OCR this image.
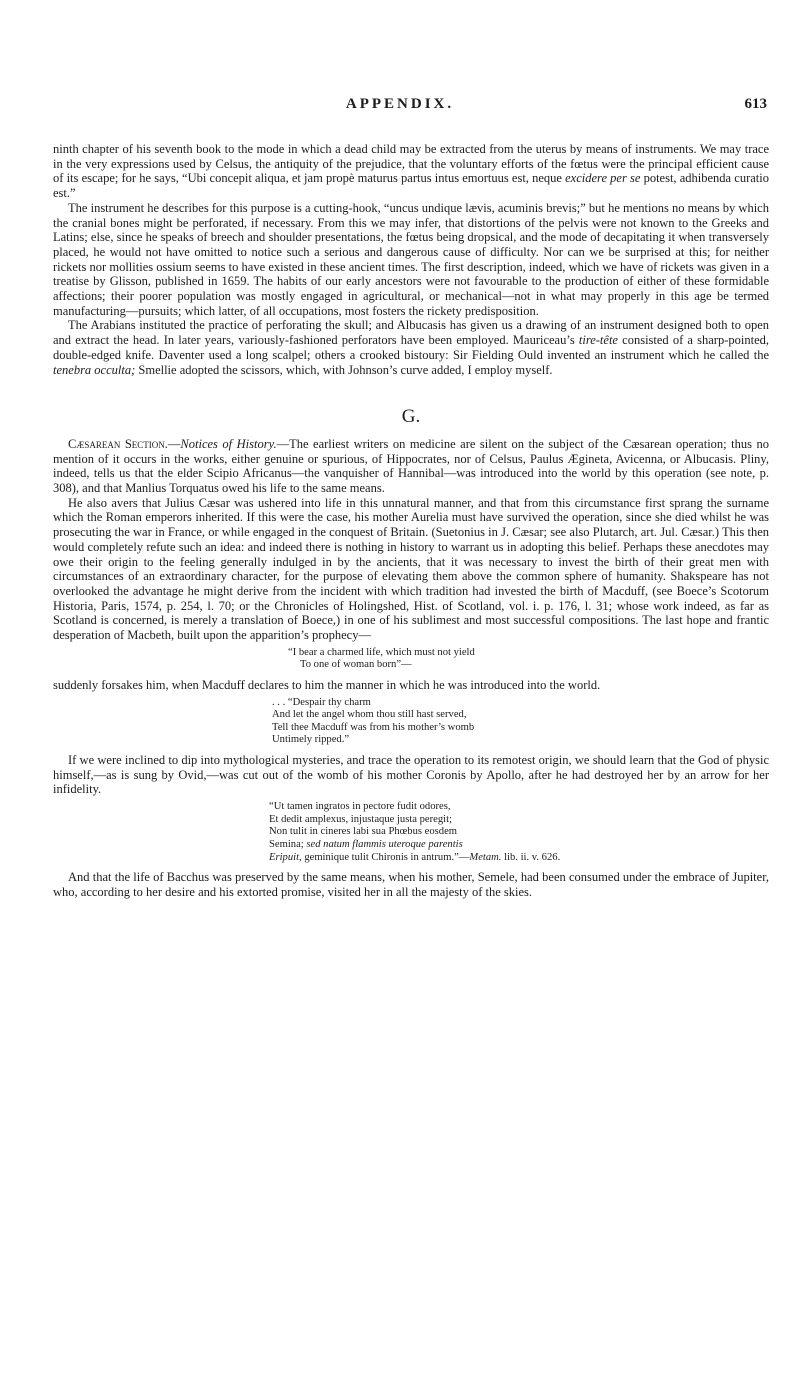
APPENDIX.	613

ninth chapter of his seventh book to the mode in which a dead child may be extracted from the uterus by means of instruments. We may trace in the very expressions used by Celsus, the antiquity of the prejudice, that the voluntary efforts of the fœtus were the principal efficient cause of its escape; for he says, “Ubi concepit aliqua, et jam propè maturus partus intus emortuus est, neque excidere per se potest, adhibenda curatio est.”

The instrument he describes for this purpose is a cutting-hook, “uncus undique lævis, acuminis brevis;” but he mentions no means by which the cranial bones might be perforated, if necessary. From this we may infer, that distortions of the pelvis were not known to the Greeks and Latins; else, since he speaks of breech and shoulder presentations, the fœtus being dropsical, and the mode of decapitating it when transversely placed, he would not have omitted to notice such a serious and dangerous cause of difficulty. Nor can we be surprised at this; for neither rickets nor mollities ossium seems to have existed in these ancient times. The first description, indeed, which we have of rickets was given in a treatise by Glisson, published in 1659. The habits of our early ancestors were not favourable to the production of either of these formidable affections; their poorer population was mostly engaged in agricultural, or mechanical—not in what may properly in this age be termed manufacturing—pursuits; which latter, of all occupations, most fosters the rickety predisposition.

The Arabians instituted the practice of perforating the skull; and Albucasis has given us a drawing of an instrument designed both to open and extract the head. In later years, variously-fashioned perforators have been employed. Mauriceau’s tire-tête consisted of a sharp-pointed, double-edged knife. Daventer used a long scalpel; others a crooked bistoury: Sir Fielding Ould invented an instrument which he called the tenebra occulta; Smellie adopted the scissors, which, with Johnson’s curve added, I employ myself.

G.

Cæsarean Section.—Notices of History.—The earliest writers on medicine are silent on the subject of the Cæsarean operation; thus no mention of it occurs in the works, either genuine or spurious, of Hippocrates, nor of Celsus, Paulus Ægineta, Avicenna, or Albucasis. Pliny, indeed, tells us that the elder Scipio Africanus—the vanquisher of Hannibal—was introduced into the world by this operation (see note, p. 308), and that Manlius Torquatus owed his life to the same means.

He also avers that Julius Cæsar was ushered into life in this unnatural manner, and that from this circumstance first sprang the surname which the Roman emperors inherited. If this were the case, his mother Aurelia must have survived the operation, since she died whilst he was prosecuting the war in France, or while engaged in the conquest of Britain. (Suetonius in J. Cæsar; see also Plutarch, art. Jul. Cæsar.) This then would completely refute such an idea: and indeed there is nothing in history to warrant us in adopting this belief. Perhaps these anecdotes may owe their origin to the feeling generally indulged in by the ancients, that it was necessary to invest the birth of their great men with circumstances of an extraordinary character, for the purpose of elevating them above the common sphere of humanity. Shakspeare has not overlooked the advantage he might derive from the incident with which tradition had invested the birth of Macduff, (see Boece’s Scotorum Historia, Paris, 1574, p. 254, l. 70; or the Chronicles of Holingshed, Hist. of Scotland, vol. i. p. 176, l. 31; whose work indeed, as far as Scotland is concerned, is merely a translation of Boece,) in one of his sublimest and most successful compositions. The last hope and frantic desperation of Macbeth, built upon the apparition’s prophecy—

“I bear a charmed life, which must not yield
To one of woman born”—

suddenly forsakes him, when Macduff declares to him the manner in which he was introduced into the world.

. . . “Despair thy charm
And let the angel whom thou still hast served,
Tell thee Macduff was from his mother’s womb
Untimely ripped.”

If we were inclined to dip into mythological mysteries, and trace the operation to its remotest origin, we should learn that the God of physic himself,—as is sung by Ovid,—was cut out of the womb of his mother Coronis by Apollo, after he had destroyed her by an arrow for her infidelity.

“Ut tamen ingratos in pectore fudit odores,
Et dedit amplexus, injustaque justa peregit;
Non tulit in cineres labi sua Phœbus eosdem
Semina; sed natum flammis uteroque parentis
Eripuit, geminique tulit Chironis in antrum.”—Metam. lib. ii. v. 626.

And that the life of Bacchus was preserved by the same means, when his mother, Semele, had been consumed under the embrace of Jupiter, who, according to her desire and his extorted promise, visited her in all the majesty of the skies.
